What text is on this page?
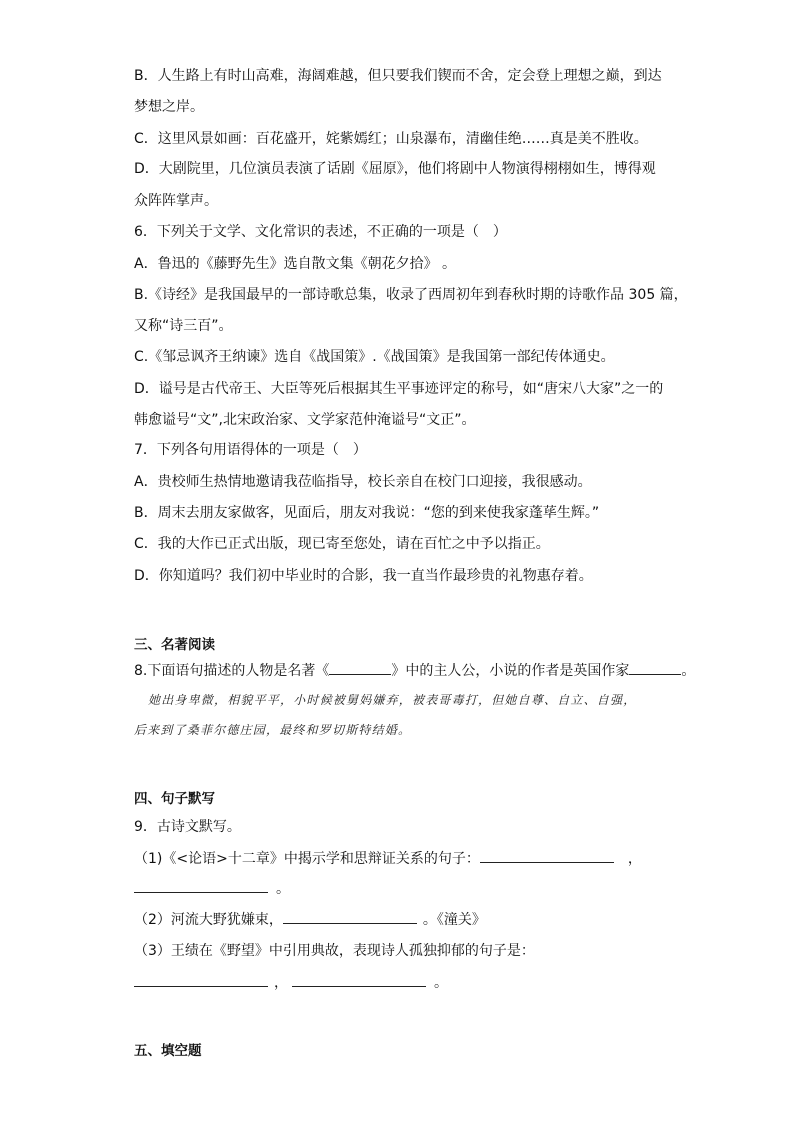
B．人生路上有时山高难，海阔难越，但只要我们锲而不舍，定会登上理想之巅，到达
梦想之岸。
C．这里风景如画：百花盛开，姹紫嫣红；山泉瀑布，清幽佳绝……真是美不胜收。
D．大剧院里，几位演员表演了话剧《屈原》，他们将剧中人物演得栩栩如生，博得观
众阵阵掌声。
6．下列关于文学、文化常识的表述，不正确的一项是（　）
A．鲁迅的《藤野先生》选自散文集《朝花夕拾》 。
B.《诗经》是我国最早的一部诗歌总集，收录了西周初年到春秋时期的诗歌作品 305 篇，
又称“诗三百”。
C.《邹忌讽齐王纳谏》选自《战国策》.《战国策》是我国第一部纪传体通史。
D．谥号是古代帝王、大臣等死后根据其生平事迹评定的称号，如“唐宋八大家”之一的
韩愈谥号“文”,北宋政治家、文学家范仲淹谥号“文正”。
7．下列各句用语得体的一项是（　）
A．贵校师生热情地邀请我莅临指导，校长亲自在校门口迎接，我很感动。
B．周末去朋友家做客，见面后，朋友对我说：“您的到来使我家蓬荜生辉。”
C．我的大作已正式出版，现已寄至您处，请在百忙之中予以指正。
D．你知道吗？我们初中毕业时的合影，我一直当作最珍贵的礼物惠存着。
三、名著阅读
8.下面语句描述的人物是名著《	》中的主人公，小说的作者是英国作家	。
她出身卑微，相貌平平，小时候被舅妈嫌弃，被表哥毒打，但她自尊、自立、自强，
后来到了桑菲尔德庄园，最终和罗切斯特结婚。
四、句子默写
9．古诗文默写。
（1)《<论语>十二章》中揭示学和思辩证关系的句子：	，
。
（2）河流大野犹嫌束，	。《潼关》
（3）王绩在《野望》中引用典故，表现诗人孤独抑郁的句子是：
，	。
五、填空题
